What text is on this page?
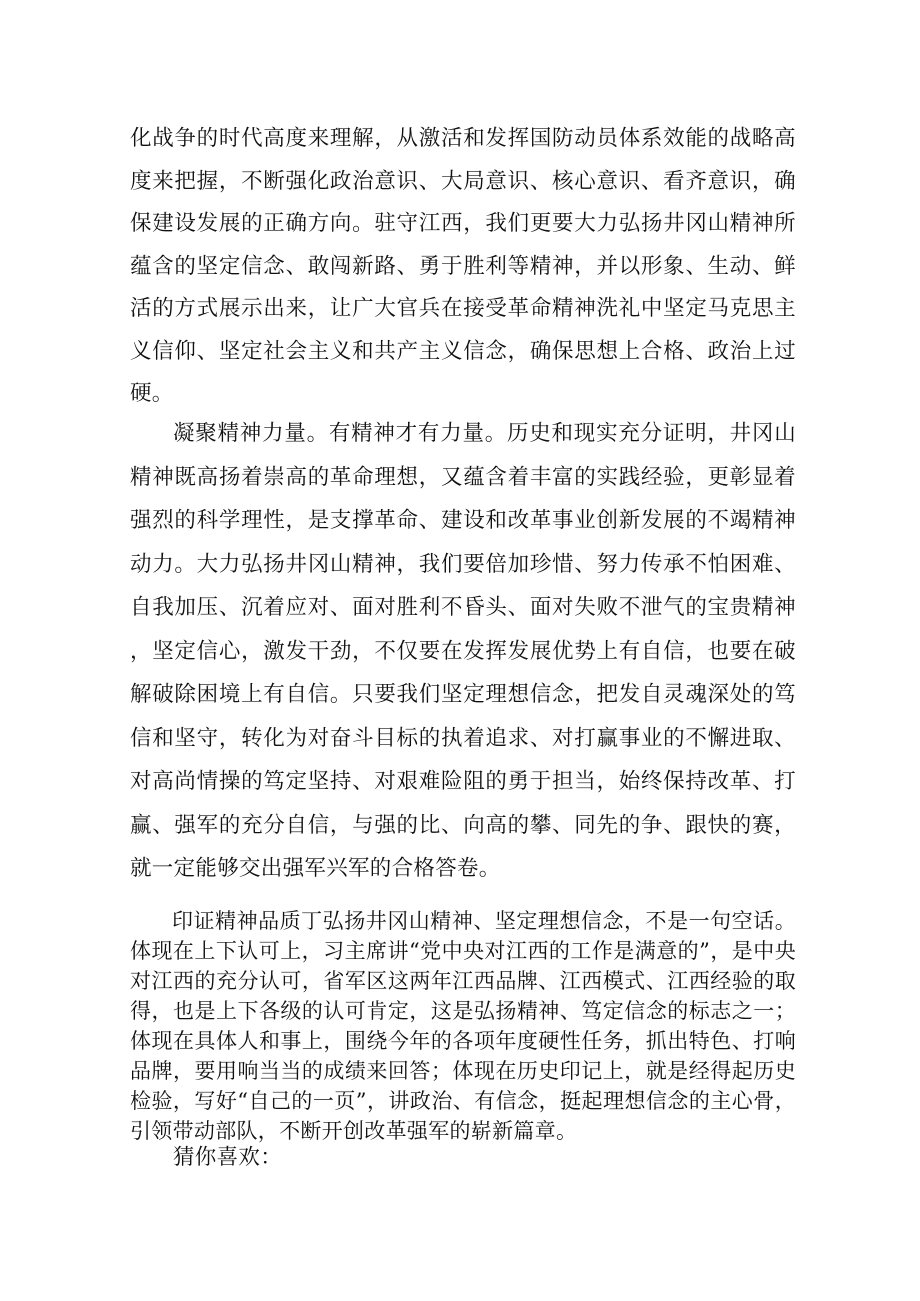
化战争的时代高度来理解，从激活和发挥国防动员体系效能的战略高度来把握，不断强化政治意识、大局意识、核心意识、看齐意识，确保建设发展的正确方向。驻守江西，我们更要大力弘扬井冈山精神所蕴含的坚定信念、敢闯新路、勇于胜利等精神，并以形象、生动、鲜活的方式展示出来，让广大官兵在接受革命精神洗礼中坚定马克思主义信仰、坚定社会主义和共产主义信念，确保思想上合格、政治上过硬。

凝聚精神力量。有精神才有力量。历史和现实充分证明，井冈山精神既高扬着崇高的革命理想，又蕴含着丰富的实践经验，更彰显着强烈的科学理性，是支撑革命、建设和改革事业创新发展的不竭精神动力。大力弘扬井冈山精神，我们要倍加珍惜、努力传承不怕困难、自我加压、沉着应对、面对胜利不昏头、面对失败不泄气的宝贵精神，坚定信心，激发干劲，不仅要在发挥发展优势上有自信，也要在破解破除困境上有自信。只要我们坚定理想信念，把发自灵魂深处的笃信和坚守，转化为对奋斗目标的执着追求、对打赢事业的不懈进取、对高尚情操的笃定坚持、对艰难险阻的勇于担当，始终保持改革、打赢、强军的充分自信，与强的比、向高的攀、同先的争、跟快的赛，就一定能够交出强军兴军的合格答卷。

印证精神品质丁弘扬井冈山精神、坚定理想信念，不是一句空话。体现在上下认可上，习主席讲“党中央对江西的工作是满意的”，是中央对江西的充分认可，省军区这两年江西品牌、江西模式、江西经验的取得，也是上下各级的认可肯定，这是弘扬精神、笃定信念的标志之一；体现在具体人和事上，围绕今年的各项年度硬性任务，抓出特色、打响品牌，要用响当当的成绩来回答；体现在历史印记上，就是经得起历史检验，写好“自己的一页”，讲政治、有信念，挺起理想信念的主心骨，引领带动部队，不断开创改革强军的崭新篇章。

猜你喜欢：
